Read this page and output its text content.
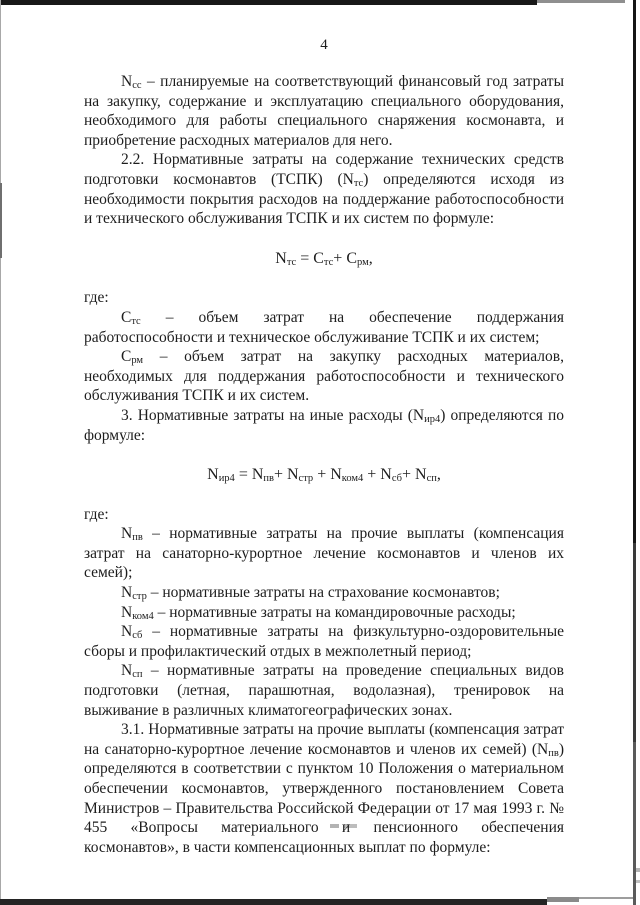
4

$N_{сс}$ – планируемые на соответствующий финансовый год затраты на закупку, содержание и эксплуатацию специального оборудования, необходимого для работы специального снаряжения космонавта, и приобретение расходных материалов для него.

2.2. Нормативные затраты на содержание технических средств подготовки космонавтов (ТСПК) $(N_{тс})$ определяются исходя из необходимости покрытия расходов на поддержание работоспособности и технического обслуживания ТСПК и их систем по формуле:

$N_{тс} = С_{тс}+ С_{рм}$,

где:

$С_{тс}$ – объем затрат на обеспечение поддержания работоспособности и техническое обслуживание ТСПК и их систем;

$С_{рм}$ – объем затрат на закупку расходных материалов, необходимых для поддержания работоспособности и технического обслуживания ТСПК и их систем.

3. Нормативные затраты на иные расходы $(N_{ир4})$ определяются по формуле:

$N_{ир4} = N_{пв}+ N_{стр} + N_{ком4} + N_{сб}+ N_{сп}$,

где:

$N_{пв}$ – нормативные затраты на прочие выплаты (компенсация затрат на санаторно-курортное лечение космонавтов и членов их семей);

$N_{стр}$ – нормативные затраты на страхование космонавтов;

$N_{ком4}$ – нормативные затраты на командировочные расходы;

$N_{сб}$ – нормативные затраты на физкультурно-оздоровительные сборы и профилактический отдых в межполетный период;

$N_{сп}$ – нормативные затраты на проведение специальных видов подготовки (летная, парашютная, водолазная), тренировок на выживание в различных климатогеографических зонах.

3.1. Нормативные затраты на прочие выплаты (компенсация затрат на санаторно-курортное лечение космонавтов и членов их семей) $(N_{пв})$ определяются в соответствии с пунктом 10 Положения о материальном обеспечении космонавтов, утвержденного постановлением Совета Министров – Правительства Российской Федерации от 17 мая 1993 г. № 455 «Вопросы материального и пенсионного обеспечения космонавтов», в части компенсационных выплат по формуле:
